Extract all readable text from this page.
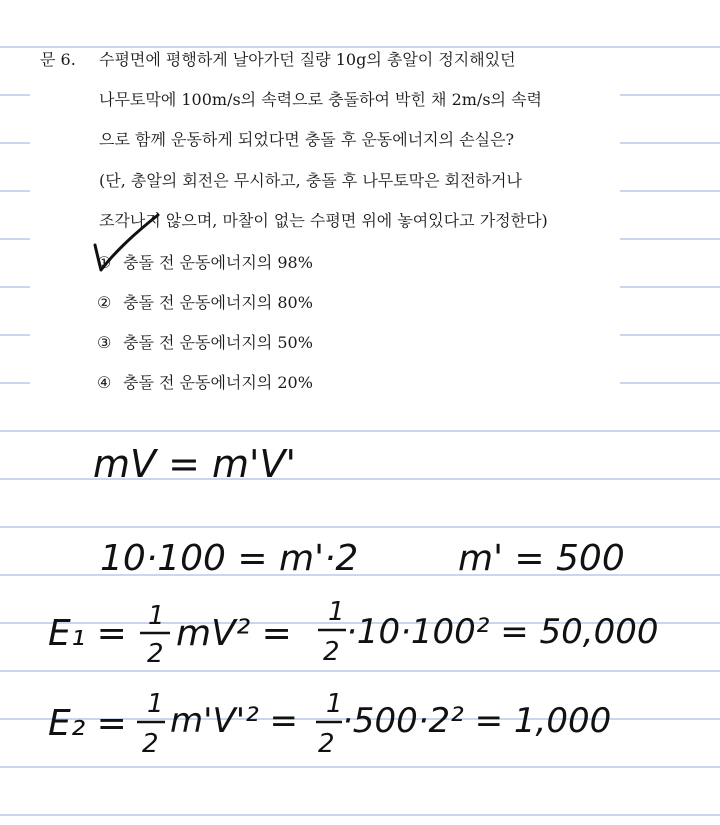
문 6. 수평면에 평행하게 날아가던 질량 10g의 총알이 정지해있던
나무토막에 100m/s의 속력으로 충돌하여 박힌 채 2m/s의 속력
으로 함께 운동하게 되었다면 충돌 후 운동에너지의 손실은?
(단, 총알의 회전은 무시하고, 충돌 후 나무토막은 회전하거나
조각나지 않으며, 마찰이 없는 수평면 위에 놓여있다고 가정한다)
① 충돌 전 운동에너지의 98%
② 충돌 전 운동에너지의 80%
③ 충돌 전 운동에너지의 50%
④ 충돌 전 운동에너지의 20%
mV = m'V'
10·100 = m'·2	m' = 500
E₁ = 1
2 mV² =
1
2 ·10·100² = 50,000
E₂ = 1
2
m'V'² = 1
2
·500·2² = 1,000
